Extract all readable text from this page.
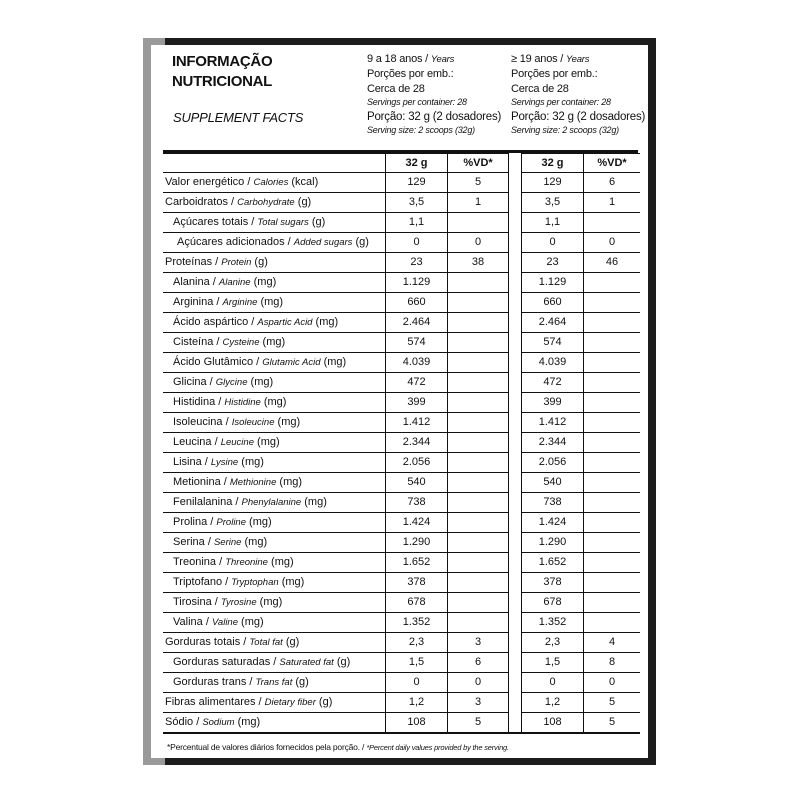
INFORMAÇÃO
NUTRICIONAL
SUPPLEMENT FACTS
9 a 18 anos / Years
Porções por emb.:
Cerca de 28
Servings per container: 28
Porção: 32 g (2 dosadores)
Serving size: 2 scoops (32g)
≥ 19 anos / Years
Porções por emb.:
Cerca de 28
Servings per container: 28
Porção: 32 g (2 dosadores)
Serving size: 2 scoops (32g)
	32 g	%VD*		32 g	%VD*
Valor energético / Calories (kcal)	129	5		129	6
Carboidratos / Carbohydrate (g)	3,5	1		3,5	1
Açúcares totais / Total sugars (g)	1,1			1,1	
Açúcares adicionados / Added sugars (g)	0	0		0	0
Proteínas / Protein (g)	23	38		23	46
Alanina / Alanine (mg)	1.129			1.129	
Arginina / Arginine (mg)	660			660	
Ácido aspártico / Aspartic Acid (mg)	2.464			2.464	
Cisteína / Cysteine (mg)	574			574	
Ácido Glutâmico / Glutamic Acid (mg)	4.039			4.039	
Glicina / Glycine (mg)	472			472	
Histidina / Histidine (mg)	399			399	
Isoleucina / Isoleucine (mg)	1.412			1.412	
Leucina / Leucine (mg)	2.344			2.344	
Lisina / Lysine (mg)	2.056			2.056	
Metionina / Methionine (mg)	540			540	
Fenilalanina / Phenylalanine (mg)	738			738	
Prolina / Proline (mg)	1.424			1.424	
Serina / Serine (mg)	1.290			1.290	
Treonina / Threonine (mg)	1.652			1.652	
Triptofano / Tryptophan (mg)	378			378	
Tirosina / Tyrosine (mg)	678			678	
Valina / Valine (mg)	1.352			1.352	
Gorduras totais / Total fat (g)	2,3	3		2,3	4
Gorduras saturadas / Saturated fat (g)	1,5	6		1,5	8
Gorduras trans / Trans fat (g)	0	0		0	0
Fibras alimentares / Dietary fiber (g)	1,2	3		1,2	5
Sódio / Sodium (mg)	108	5		108	5
*Percentual de valores diários fornecidos pela porção. / *Percent daily values provided by the serving.
